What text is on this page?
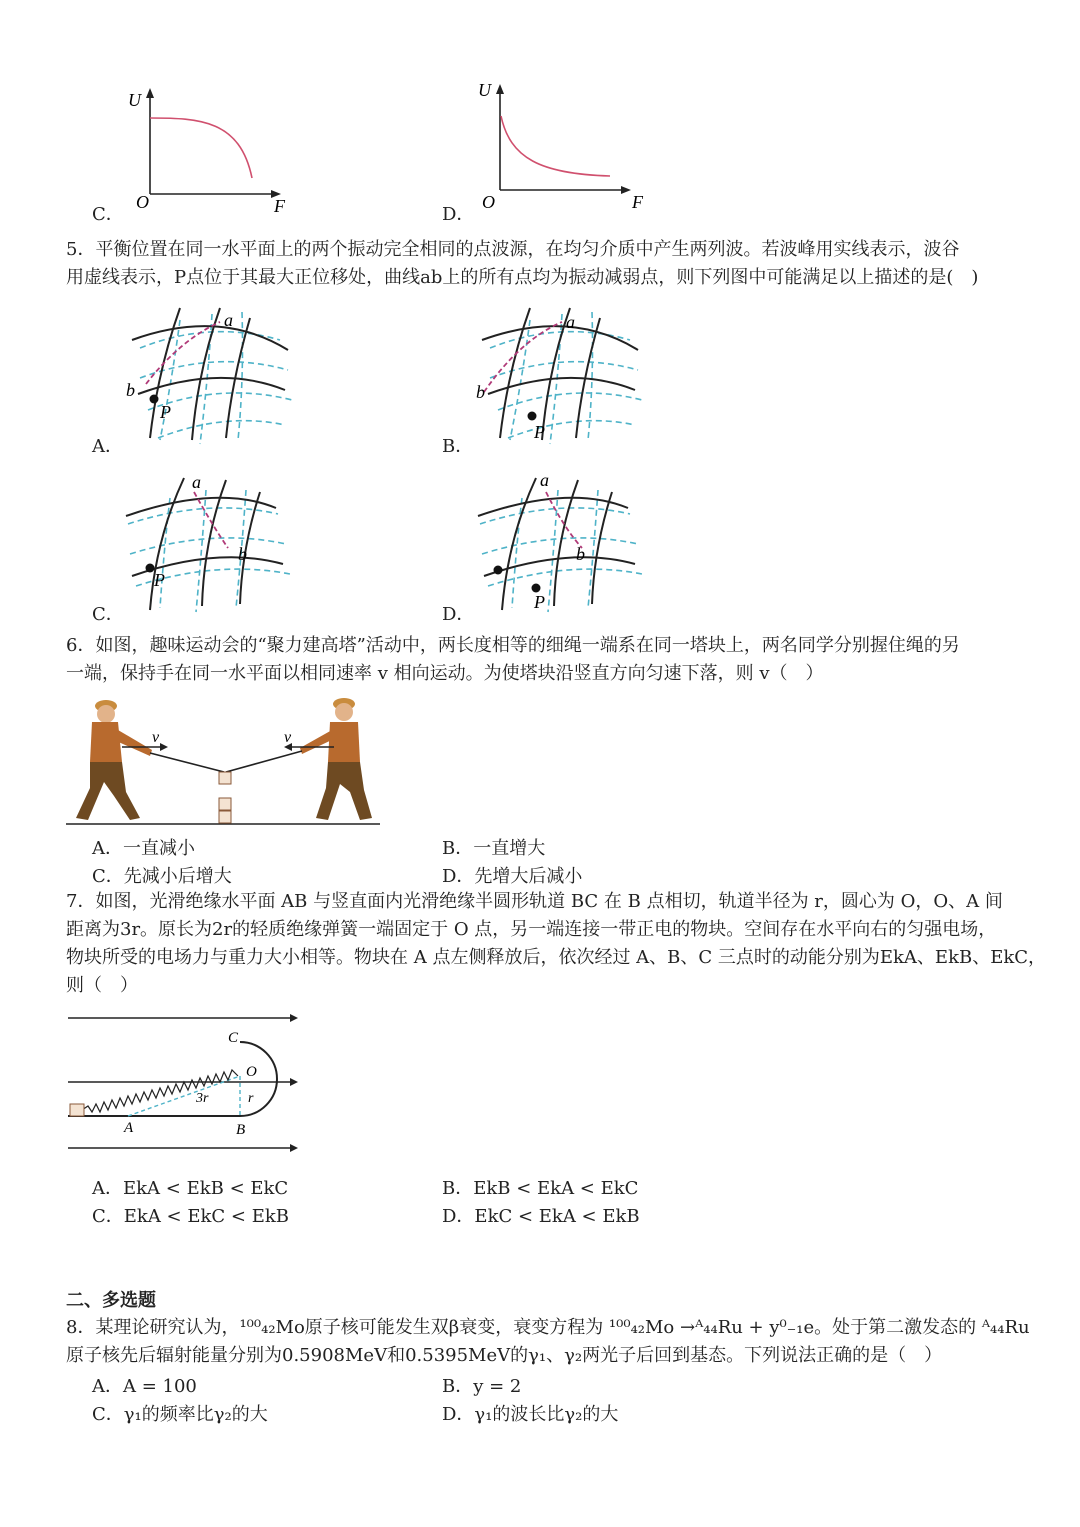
U
O	F
C．
U
O	F
D．
5．平衡位置在同一水平面上的两个振动完全相同的点波源，在均匀介质中产生两列波。若波峰用实线表示，波谷
用虚线表示，P点位于其最大正位移处，曲线ab上的所有点均为振动减弱点，则下列图中可能满足以上描述的是(　)
a
b
P
A．
a
b
P
B．
a
b
P
C．
a
b
P
D．
6．如图，趣味运动会的“聚力建高塔”活动中，两长度相等的细绳一端系在同一塔块上，两名同学分别握住绳的另
一端，保持手在同一水平面以相同速率 v 相向运动。为使塔块沿竖直方向匀速下落，则 v（　）
v	v
A．一直减小	B．一直增大
C．先减小后增大	D．先增大后减小
7．如图，光滑绝缘水平面 AB 与竖直面内光滑绝缘半圆形轨道 BC 在 B 点相切，轨道半径为 r，圆心为 O，O、A 间
距离为3r。原长为2r的轻质绝缘弹簧一端固定于 O 点，另一端连接一带正电的物块。空间存在水平向右的匀强电场，
物块所受的电场力与重力大小相等。物块在 A 点左侧释放后，依次经过 A、B、C 三点时的动能分别为EkA、EkB、EkC，
则（　）
C
O
3r	r
A	B
A．EkA < EkB < EkC	B．EkB < EkA < EkC
C．EkA < EkC < EkB	D．EkC < EkA < EkB
二、多选题
8．某理论研究认为，¹⁰⁰₄₂Mo原子核可能发生双β衰变，衰变方程为 ¹⁰⁰₄₂Mo →ᴬ₄₄Ru + y⁰₋₁e。处于第二激发态的 ᴬ₄₄Ru
原子核先后辐射能量分别为0.5908MeV和0.5395MeV的γ₁、γ₂两光子后回到基态。下列说法正确的是（　）
A．A = 100	B．y = 2
C．γ₁的频率比γ₂的大	D．γ₁的波长比γ₂的大
